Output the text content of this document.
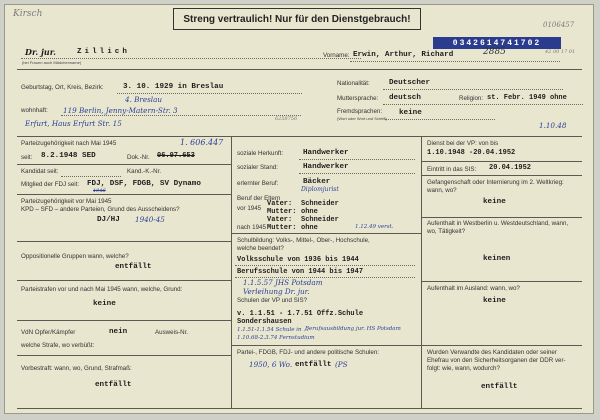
Kirsch	Streng vertraulich! Nur für den Dienstgebrauch!	0106457
42 00 17 01
0342614741702
Dr. jur.	Zillich
(bei Frauen auch Mädchenname)
Vorname: Erwin, Arthur, Richard	2885
Geburtstag, Ort, Kreis, Bezirk:	3. 10. 1929 in Breslau
4. Breslau
wohnhaft: 119 Berlin, Jenny-Matern-Str. 3
6258756
Erfurt, Haus Erfurt Str. 15
Nationalität:	Deutscher
Muttersprache: deutsch	Religion: st. Febr. 1949 ohne
Fremdsprachen:
(Wort oder Wort und Schrift)
keine
1.10.48
Parteizugehörigkeit nach Mai 1945	1. 606.447
seit: 8.2.1948 SED	Dok.-Nr. 06.97.653
Kandidat seit:	Kand.-K.-Nr.
Mitglied der FDJ seit: FDJ, DSF, FDGB, SV Dynamo
1946
Parteizugehörigkeit vor Mai 1945
KPD – SFD – andere Parteien, Grund des Ausscheidens?
DJ/HJ 1940-45
Oppositionelle Gruppen wann, welche?
entfällt
Parteistrafen vor und nach Mai 1945 wann, welche, Grund:
keine
VdN Opfer/Kämpfer	nein	Ausweis-Nr.
welche Strafe, wo verbüßt:
Vorbestraft: wann, wo, Grund, Strafmaß:
entfällt
soziale Herkunft:	Handwerker
sozialer Stand:	Handwerker
erlernter Beruf:	Bäcker
Diplomjurist
Beruf der Eltern
vor 1945
Vater: Schneider
Mutter: ohne
nach 1945
Vater: Schneider
Mutter: ohne	1.12.49 verst.
Schulbildung: Volks-, Mittel-, Ober-, Hochschule,
welche beendet?
Volksschule von 1936 bis 1944
Berufsschule von 1944 bis 1947
1.1.5.57 JHS Potsdam
Verleihung Dr. jur.
Schulen der VP und SIS?
v. 1.1.51 - 1.7.51 Offz.Schule
Sondershausen
1.1.51-1.1.54 Schule in ...
Berufsausbildung jur. HS Potsdam
1.10.68-2.3.74 Fernstudium
Partei-, FDGB, FDJ- und andere politische Schulen:
1950, 6 Wo. entfällt (PS
Dienst bei der VP: von bis
1.10.1948 -20.04.1952
Eintritt in das SIS: 20.04.1952
Gefangenschaft oder Internierung im 2. Weltkrieg:
wann, wo?
keine
Aufenthalt in Westberlin u. Westdeutschland, wann,
wo, Tätigkeit?
keinen
Aufenthalt im Ausland: wann, wo?
keine
Wurden Verwandte des Kandidaten oder seiner
Ehefrau von den Sicherheitsorganen der DDR ver-
folgt: wie, wann, wodurch?
entfällt
